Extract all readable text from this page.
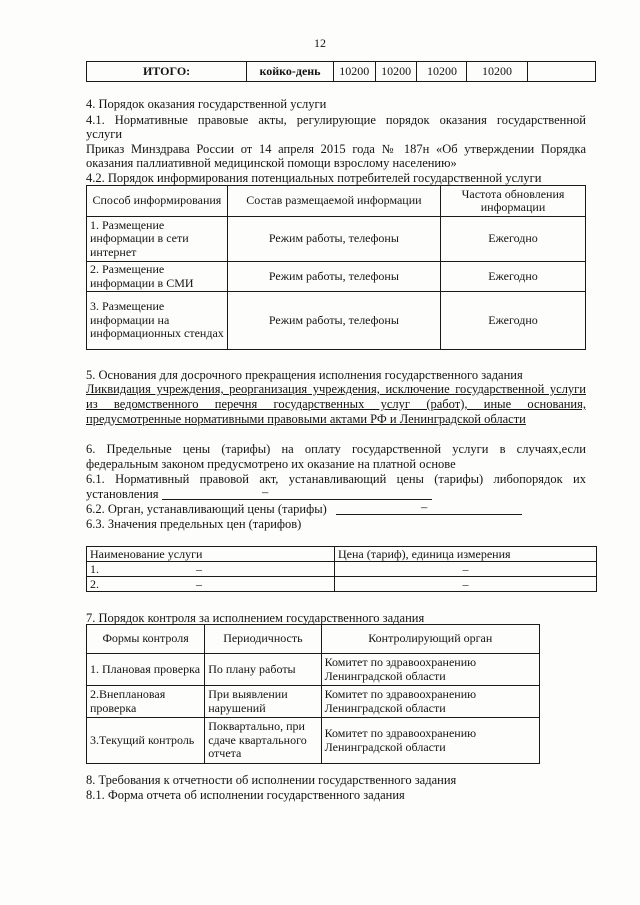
12
ИТОГО:	койко-день	10200	10200	10200	10200	
4. Порядок оказания государственной услуги
4.1. Нормативные правовые акты, регулирующие порядок оказания государственной
услуги
Приказ Минздрава России от 14 апреля 2015 года № 187н «Об утверждении Порядка
оказания паллиативной медицинской помощи взрослому населению»
4.2. Порядок информирования потенциальных потребителей государственной услуги
Способ информирования	Состав размещаемой информации	Частота обновления информации
1. Размещение информации в сети интернет	Режим работы, телефоны	Ежегодно
2. Размещение информации в СМИ	Режим работы, телефоны	Ежегодно
3. Размещение информации на информационных стендах	Режим работы, телефоны	Ежегодно
5. Основания для досрочного прекращения исполнения государственного задания
Ликвидация учреждения, реорганизация учреждения, исключение государственной услуги
из ведомственного перечня государственных услуг (работ), иные основания,
предусмотренные нормативными правовыми актами РФ и Ленинградской области
6. Предельные цены (тарифы) на оплату государственной услуги в случаях,если
федеральным законом предусмотрено их оказание на платной основе
6.1. Нормативный правовой акт, устанавливающий цены (тарифы) либопорядок их
установления	–
6.2. Орган, устанавливающий цены (тарифы)	–
6.3. Значения предельных цен (тарифов)
Наименование услуги		Цена (тариф), единица измерения
1.	–	–
2.	–	–
7. Порядок контроля за исполнением государственного задания
Формы контроля	Периодичность	Контролирующий орган
1. Плановая проверка	По плану работы	Комитет по здравоохранению Ленинградской области
2.Внеплановая проверка	При выявлении нарушений	Комитет по здравоохранению Ленинградской области
3.Текущий контроль	Поквартально, при сдаче квартального отчета	Комитет по здравоохранению Ленинградской области
8. Требования к отчетности об исполнении государственного задания
8.1. Форма отчета об исполнении государственного задания
